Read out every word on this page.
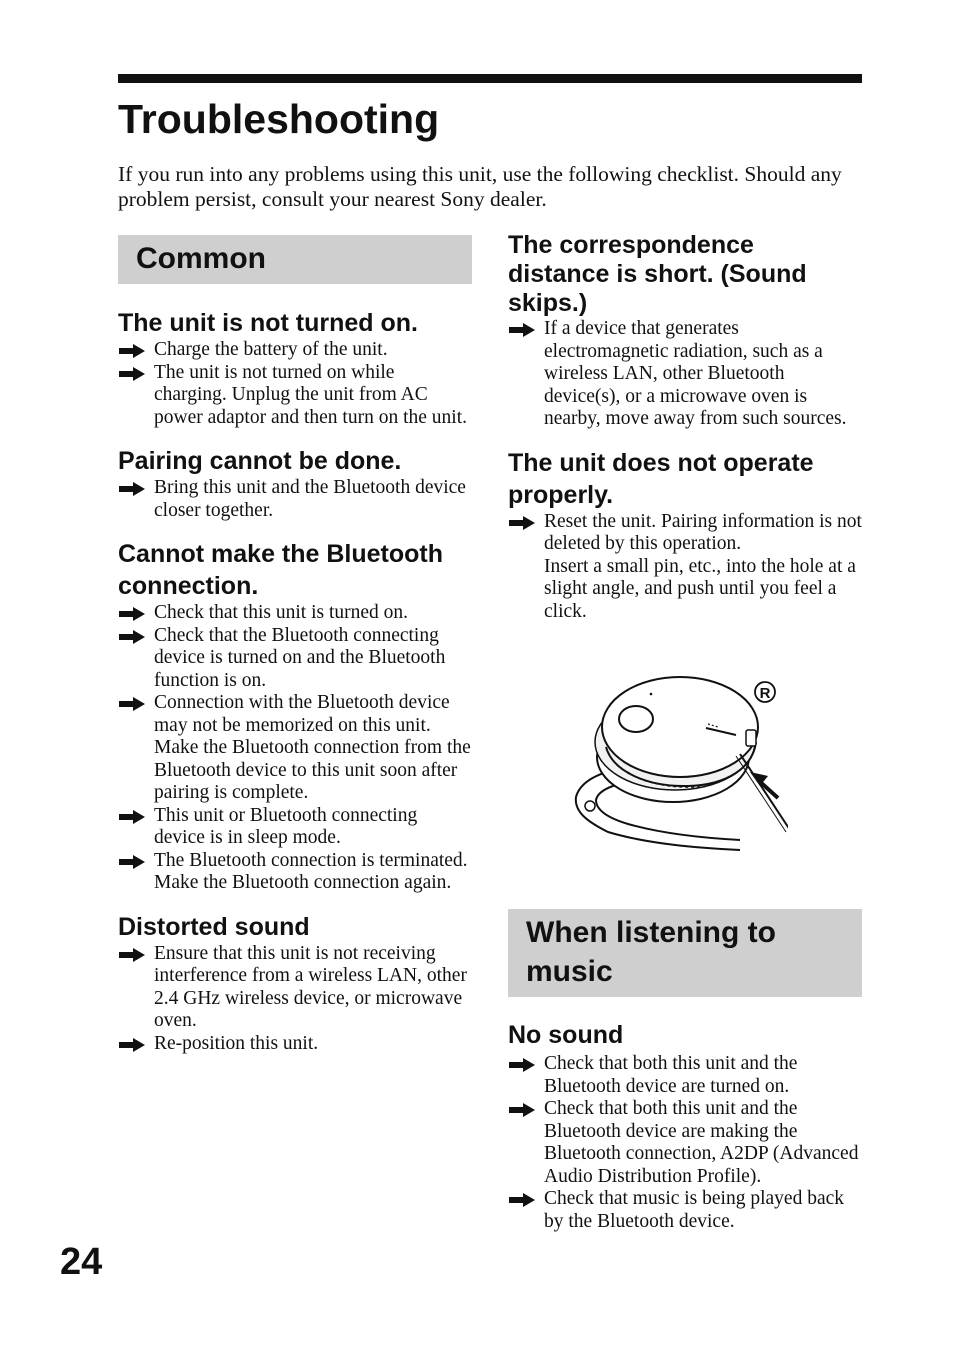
Troubleshooting
If you run into any problems using this unit, use the following checklist. Should any problem persist, consult your nearest Sony dealer.
Common
The unit is not turned on.
Charge the battery of the unit.
The unit is not turned on while charging. Unplug the unit from AC power adaptor and then turn on the unit.
Pairing cannot be done.
Bring this unit and the Bluetooth device closer together.
Cannot make the Bluetooth connection.
Check that this unit is turned on.
Check that the Bluetooth connecting device is turned on and the Bluetooth function is on.
Connection with the Bluetooth device may not be memorized on this unit. Make the Bluetooth connection from the Bluetooth device to this unit soon after pairing is complete.
This unit or Bluetooth connecting device is in sleep mode.
The Bluetooth connection is terminated. Make the Bluetooth connection again.
Distorted sound
Ensure that this unit is not receiving interference from a wireless LAN, other 2.4 GHz wireless device, or microwave oven.
Re-position this unit.
The correspondence distance is short. (Sound skips.)
If a device that generates electromagnetic radiation, such as a wireless LAN, other Bluetooth device(s), or a microwave oven is nearby, move away from such sources.
The unit does not operate properly.
Reset the unit. Pairing information is not deleted by this operation.
Insert a small pin, etc., into the hole at a slight angle, and push until you feel a click.
R
When listening to music
No sound
Check that both this unit and the Bluetooth device are turned on.
Check that both this unit and the Bluetooth device are making the Bluetooth connection, A2DP (Advanced Audio Distribution Profile).
Check that music is being played back by the Bluetooth device.
24
